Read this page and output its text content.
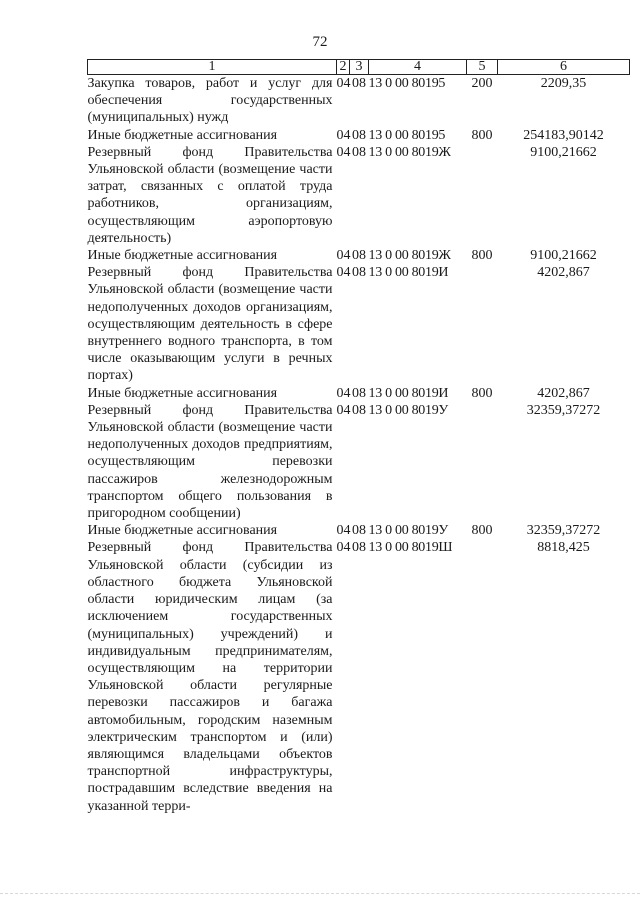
72
1	2	3	4	5	6
Закупка товаров, работ и услуг для обеспечения государственных (муниципальных) нужд	04	08	13 0 00 80195	200	2209,35
Иные бюджетные ассигнования	04	08	13 0 00 80195	800	254183,90142
Резервный фонд Правительства Ульяновской области (возмещение части затрат, связанных с оплатой труда работников, организациям, осуществляющим аэропортовую деятельность)	04	08	13 0 00 8019Ж		9100,21662
Иные бюджетные ассигнования	04	08	13 0 00 8019Ж	800	9100,21662
Резервный фонд Правительства Ульяновской области (возмещение части недополученных доходов организациям, осуществляющим деятельность в сфере внутреннего водного транспорта, в том числе оказывающим услуги в речных портах)	04	08	13 0 00 8019И		4202,867
Иные бюджетные ассигнования	04	08	13 0 00 8019И	800	4202,867
Резервный фонд Правительства Ульяновской области (возмещение части недополученных доходов предприятиям, осуществляющим перевозки пассажиров железнодорожным транспортом общего пользования в пригородном сообщении)	04	08	13 0 00 8019У		32359,37272
Иные бюджетные ассигнования	04	08	13 0 00 8019У	800	32359,37272
Резервный фонд Правительства Ульяновской области (субсидии из областного бюджета Ульяновской области юридическим лицам (за исключением государственных (муниципальных) учреждений) и индивидуальным предпринимателям, осуществляющим на территории Ульяновской области регулярные перевозки пассажиров и багажа автомобильным, городским наземным электрическим транспортом и (или) являющимся владельцами объектов транспортной инфраструктуры, пострадавшим вследствие введения на указанной терри-	04	08	13 0 00 8019Ш		8818,425
